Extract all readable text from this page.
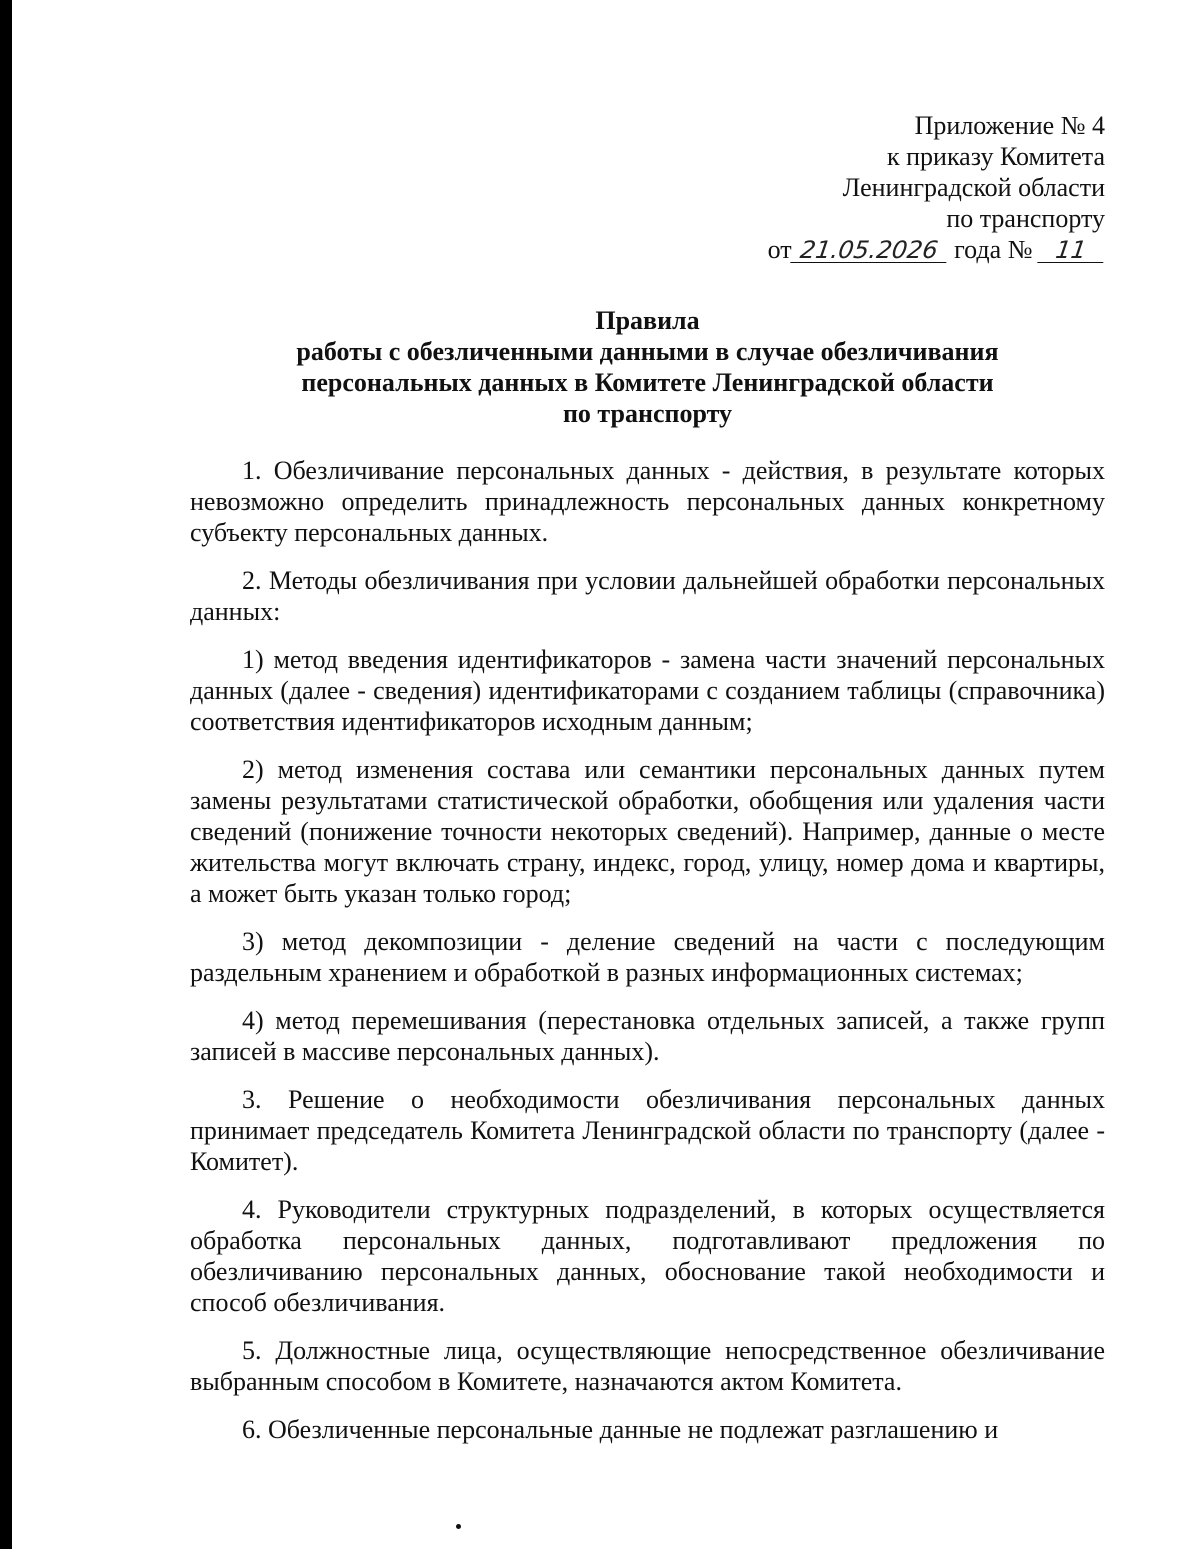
Приложение № 4
к приказу Комитета
Ленинградской области
по транспорту
от 21.05.2026 года № 11
Правила
работы с обезличенными данными в случае обезличивания
персональных данных в Комитете Ленинградской области
по транспорту

1. Обезличивание персональных данных - действия, в результате которых невозможно определить принадлежность персональных данных конкретному субъекту персональных данных.

2. Методы обезличивания при условии дальнейшей обработки персональных данных:

1) метод введения идентификаторов - замена части значений персональных данных (далее - сведения) идентификаторами с созданием таблицы (справочника) соответствия идентификаторов исходным данным;

2) метод изменения состава или семантики персональных данных путем замены результатами статистической обработки, обобщения или удаления части сведений (понижение точности некоторых сведений). Например, данные о месте жительства могут включать страну, индекс, город, улицу, номер дома и квартиры, а может быть указан только город;

3) метод декомпозиции - деление сведений на части с последующим раздельным хранением и обработкой в разных информационных системах;

4) метод перемешивания (перестановка отдельных записей, а также групп записей в массиве персональных данных).

3. Решение о необходимости обезличивания персональных данных принимает председатель Комитета Ленинградской области по транспорту (далее - Комитет).

4. Руководители структурных подразделений, в которых осуществляется обработка персональных данных, подготавливают предложения по обезличиванию персональных данных, обоснование такой необходимости и способ обезличивания.

5. Должностные лица, осуществляющие непосредственное обезличивание выбранным способом в Комитете, назначаются актом Комитета.

6. Обезличенные персональные данные не подлежат разглашению и
